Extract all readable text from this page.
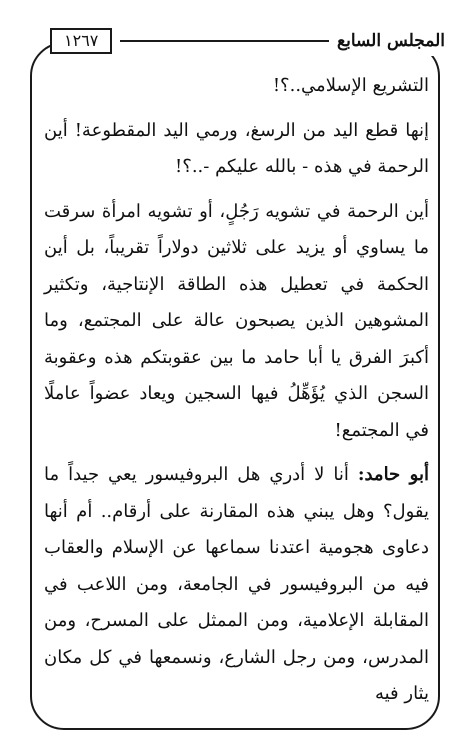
١٢٦٧	المجلس السابع

التشريع الإسلامي..؟!

إنها قطع اليد من الرسغ، ورمي اليد المقطوعة! أين الرحمة في هذه - بالله عليكم -..؟!

أين الرحمة في تشويه رَجُلٍ، أو تشويه امرأة سرقت ما يساوي أو يزيد على ثلاثين دولاراً تقريباً، بل أين الحكمة في تعطيل هذه الطاقة الإنتاجية، وتكثير المشوهين الذين يصبحون عالة على المجتمع، وما أكبرَ الفرق يا أبا حامد ما بين عقوبتكم هذه وعقوبة السجن الذي يُؤَهِّلُ فيها السجين ويعاد عضواً عاملًا في المجتمع!

أبو حامد: أنا لا أدري هل البروفيسور يعي جيداً ما يقول؟ وهل يبني هذه المقارنة على أرقام.. أم أنها دعاوى هجومية اعتدنا سماعها عن الإسلام والعقاب فيه من البروفيسور في الجامعة، ومن اللاعب في المقابلة الإعلامية، ومن الممثل على المسرح، ومن المدرس، ومن رجل الشارع، ونسمعها في كل مكان يثار فيه
